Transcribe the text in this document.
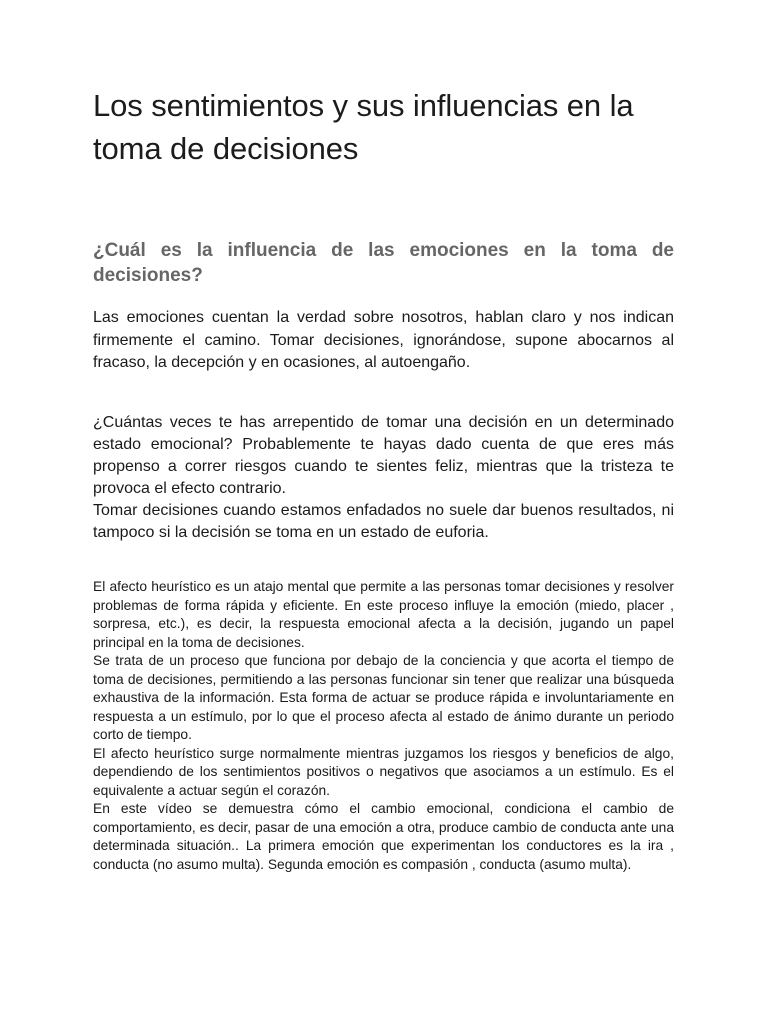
Los sentimientos y sus influencias en la toma de decisiones
¿Cuál es la influencia de las emociones en la toma de decisiones?

Las emociones cuentan la verdad sobre nosotros, hablan claro y nos indican firmemente el camino. Tomar decisiones, ignorándose, supone abocarnos al fracaso, la decepción y en ocasiones, al autoengaño.

¿Cuántas veces te has arrepentido de tomar una decisión en un determinado estado emocional? Probablemente te hayas dado cuenta de que eres más propenso a correr riesgos cuando te sientes feliz, mientras que la tristeza te provoca el efecto contrario.

Tomar decisiones cuando estamos enfadados no suele dar buenos resultados, ni tampoco si la decisión se toma en un estado de euforia.

El afecto heurístico es un atajo mental que permite a las personas tomar decisiones y resolver problemas de forma rápida y eficiente. En este proceso influye la emoción (miedo, placer , sorpresa, etc.), es decir, la respuesta emocional afecta a la decisión, jugando un papel principal en la toma de decisiones.

Se trata de un proceso que funciona por debajo de la conciencia y que acorta el tiempo de toma de decisiones, permitiendo a las personas funcionar sin tener que realizar una búsqueda exhaustiva de la información. Esta forma de actuar se produce rápida e involuntariamente en respuesta a un estímulo, por lo que el proceso afecta al estado de ánimo durante un periodo corto de tiempo.

El afecto heurístico surge normalmente mientras juzgamos los riesgos y beneficios de algo, dependiendo de los sentimientos positivos o negativos que asociamos a un estímulo. Es el equivalente a actuar según el corazón.

En este vídeo se demuestra cómo el cambio emocional, condiciona el cambio de comportamiento, es decir, pasar de una emoción a otra, produce cambio de conducta ante una determinada situación.. La primera emoción que experimentan los conductores es la ira , conducta (no asumo multa). Segunda emoción es compasión , conducta (asumo multa).
